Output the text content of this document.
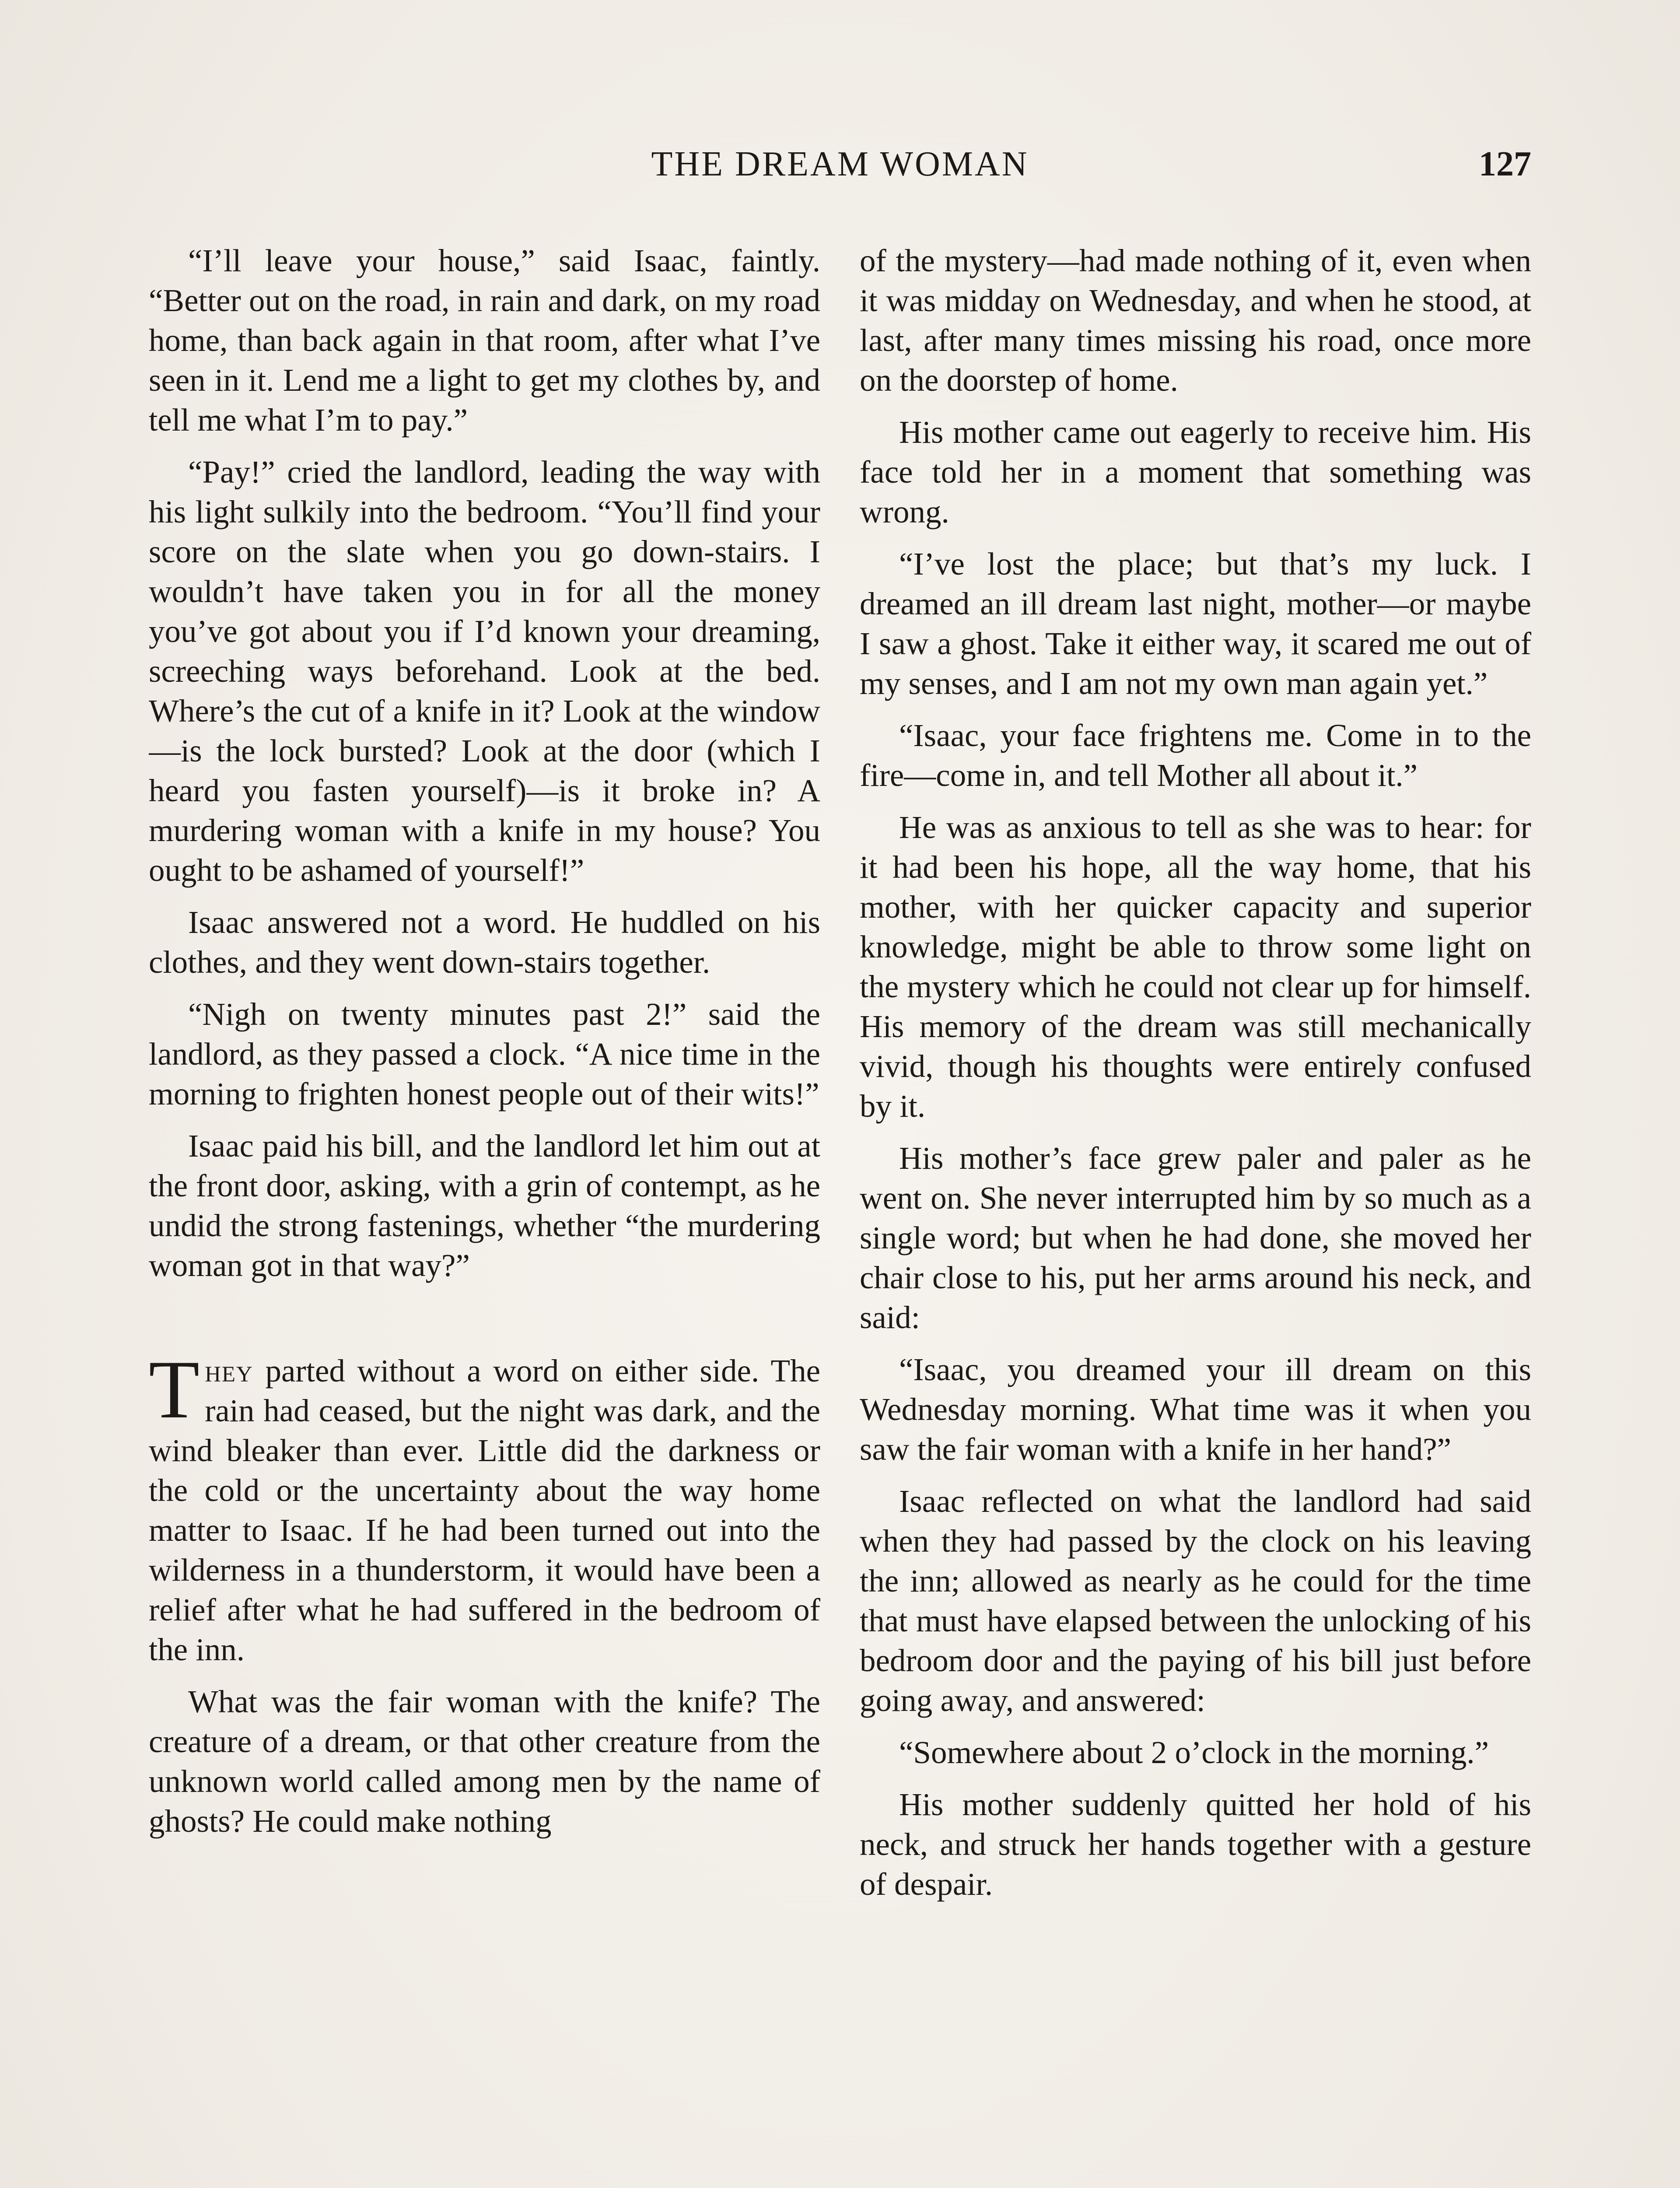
THE DREAM WOMAN	127

“I’ll leave your house,” said Isaac, faintly. “Better out on the road, in rain and dark, on my road home, than back again in that room, after what I’ve seen in it. Lend me a light to get my clothes by, and tell me what I’m to pay.”

“Pay!” cried the landlord, leading the way with his light sulkily into the bedroom. “You’ll find your score on the slate when you go down-stairs. I wouldn’t have taken you in for all the money you’ve got about you if I’d known your dreaming, screeching ways beforehand. Look at the bed. Where’s the cut of a knife in it? Look at the window—is the lock bursted? Look at the door (which I heard you fasten yourself)—is it broke in? A murdering woman with a knife in my house? You ought to be ashamed of yourself!”

Isaac answered not a word. He huddled on his clothes, and they went down-stairs together.

“Nigh on twenty minutes past 2!” said the landlord, as they passed a clock. “A nice time in the morning to frighten honest people out of their wits!”

Isaac paid his bill, and the landlord let him out at the front door, asking, with a grin of contempt, as he undid the strong fastenings, whether “the murdering woman got in that way?”

They parted without a word on either side. The rain had ceased, but the night was dark, and the wind bleaker than ever. Little did the darkness or the cold or the uncertainty about the way home matter to Isaac. If he had been turned out into the wilderness in a thunderstorm, it would have been a relief after what he had suffered in the bedroom of the inn.

What was the fair woman with the knife? The creature of a dream, or that other creature from the unknown world called among men by the name of ghosts? He could make nothing

of the mystery—had made nothing of it, even when it was midday on Wednesday, and when he stood, at last, after many times missing his road, once more on the doorstep of home.

His mother came out eagerly to receive him. His face told her in a moment that something was wrong.

“I’ve lost the place; but that’s my luck. I dreamed an ill dream last night, mother—or maybe I saw a ghost. Take it either way, it scared me out of my senses, and I am not my own man again yet.”

“Isaac, your face frightens me. Come in to the fire—come in, and tell Mother all about it.”

He was as anxious to tell as she was to hear: for it had been his hope, all the way home, that his mother, with her quicker capacity and superior knowledge, might be able to throw some light on the mystery which he could not clear up for himself. His memory of the dream was still mechanically vivid, though his thoughts were entirely confused by it.

His mother’s face grew paler and paler as he went on. She never interrupted him by so much as a single word; but when he had done, she moved her chair close to his, put her arms around his neck, and said:

“Isaac, you dreamed your ill dream on this Wednesday morning. What time was it when you saw the fair woman with a knife in her hand?”

Isaac reflected on what the landlord had said when they had passed by the clock on his leaving the inn; allowed as nearly as he could for the time that must have elapsed between the unlocking of his bedroom door and the paying of his bill just before going away, and answered:

“Somewhere about 2 o’clock in the morning.”

His mother suddenly quitted her hold of his neck, and struck her hands together with a gesture of despair.
